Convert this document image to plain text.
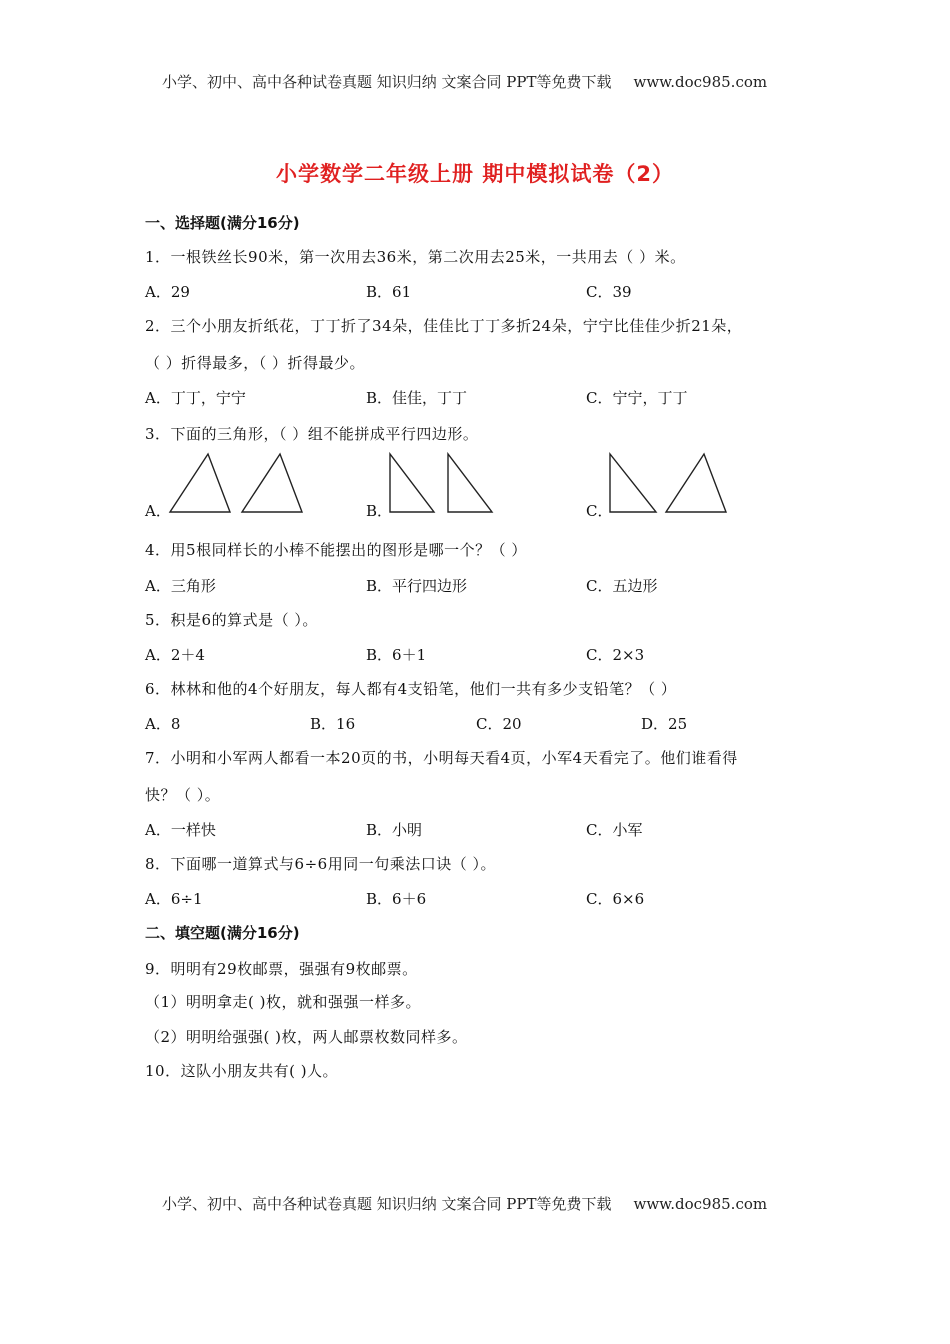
小学、初中、高中各种试卷真题 知识归纳 文案合同 PPT等免费下载 www.doc985.com
小学数学二年级上册 期中模拟试卷（2）
一、选择题(满分16分)
1．一根铁丝长90米，第一次用去36米，第二次用去25米，一共用去（ ）米。
A．29	B．61	C．39
2．三个小朋友折纸花，丁丁折了34朵，佳佳比丁丁多折24朵，宁宁比佳佳少折21朵，
（ ）折得最多，（ ）折得最少。
A．丁丁，宁宁	B．佳佳，丁丁	C．宁宁，丁丁
3．下面的三角形，（ ）组不能拼成平行四边形。
A．	B．	C．
4．用5根同样长的小棒不能摆出的图形是哪一个？（ ）
A．三角形	B．平行四边形	C．五边形
5．积是6的算式是（ ）。
A．2＋4	B．6＋1	C．2×3
6．林林和他的4个好朋友，每人都有4支铅笔，他们一共有多少支铅笔？（ ）
A．8	B．16	C．20	D．25
7．小明和小军两人都看一本20页的书，小明每天看4页，小军4天看完了。他们谁看得
快？（ ）。
A．一样快	B．小明	C．小军
8．下面哪一道算式与6÷6用同一句乘法口诀（ ）。
A．6÷1	B．6＋6	C．6×6
二、填空题(满分16分)
9．明明有29枚邮票，强强有9枚邮票。
（1）明明拿走( )枚，就和强强一样多。
（2）明明给强强( )枚，两人邮票枚数同样多。
10．这队小朋友共有( )人。
小学、初中、高中各种试卷真题 知识归纳 文案合同 PPT等免费下载 www.doc985.com
